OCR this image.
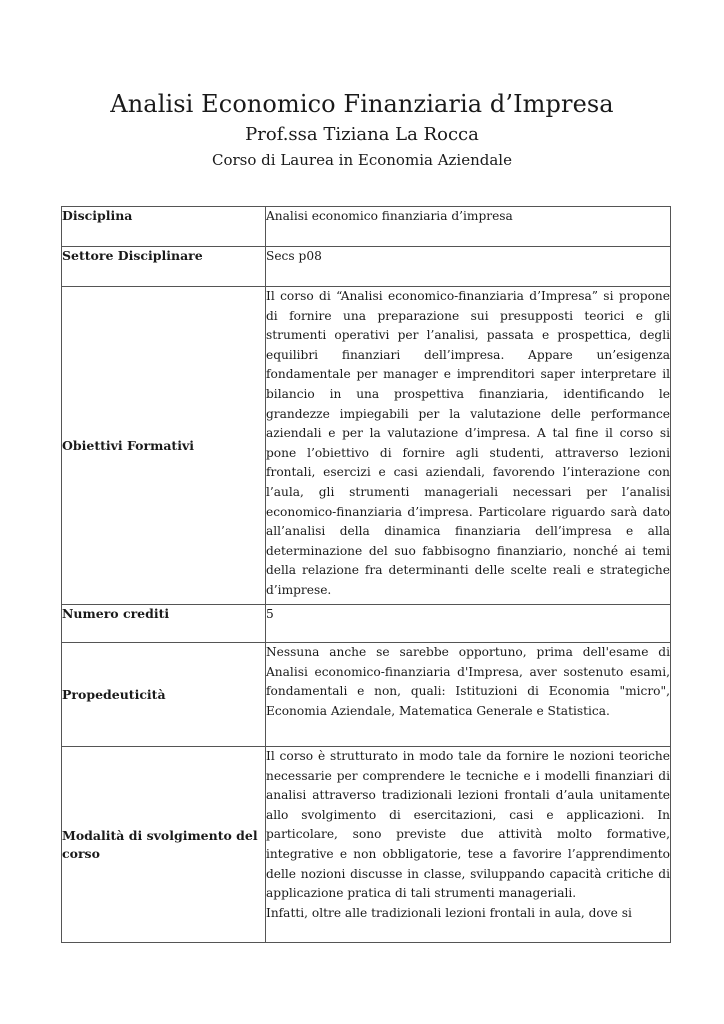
Analisi Economico Finanziaria d’Impresa

Prof.ssa Tiziana La Rocca

Corso di Laurea in Economia Aziendale

Disciplina	Analisi economico finanziaria d’impresa
Settore Disciplinare	Secs p08
Obiettivi Formativi	Il corso di “Analisi economico-finanziaria d’Impresa” si propone di fornire una preparazione sui presupposti teorici e gli strumenti operativi per l’analisi, passata e prospettica, degli equilibri finanziari dell’impresa. Appare un’esigenza fondamentale per manager e imprenditori saper interpretare il bilancio in una prospettiva finanziaria, identificando le grandezze impiegabili per la valutazione delle performance aziendali e per la valutazione d’impresa. A tal fine il corso si pone l’obiettivo di fornire agli studenti, attraverso lezioni frontali, esercizi e casi aziendali, favorendo l’interazione con l’aula, gli strumenti manageriali necessari per l’analisi economico-finanziaria d’impresa. Particolare riguardo sarà dato all’analisi della dinamica finanziaria dell’impresa e alla determinazione del suo fabbisogno finanziario, nonché ai temi della relazione fra determinanti delle scelte reali e strategiche d’imprese.
Numero crediti	5
Propedeuticità	Nessuna anche se sarebbe opportuno, prima dell'esame di Analisi economico-finanziaria d'Impresa, aver sostenuto esami, fondamentali e non, quali: Istituzioni di Economia "micro", Economia Aziendale, Matematica Generale e Statistica.
Modalità di svolgimento del corso	Il corso è strutturato in modo tale da fornire le nozioni teoriche necessarie per comprendere le tecniche e i modelli finanziari di analisi attraverso tradizionali lezioni frontali d’aula unitamente allo svolgimento di esercitazioni, casi e applicazioni. In particolare, sono previste due attività molto formative, integrative e non obbligatorie, tese a favorire l’apprendimento delle nozioni discusse in classe, sviluppando capacità critiche di applicazione pratica di tali strumenti manageriali.

Infatti, oltre alle tradizionali lezioni frontali in aula, dove si
